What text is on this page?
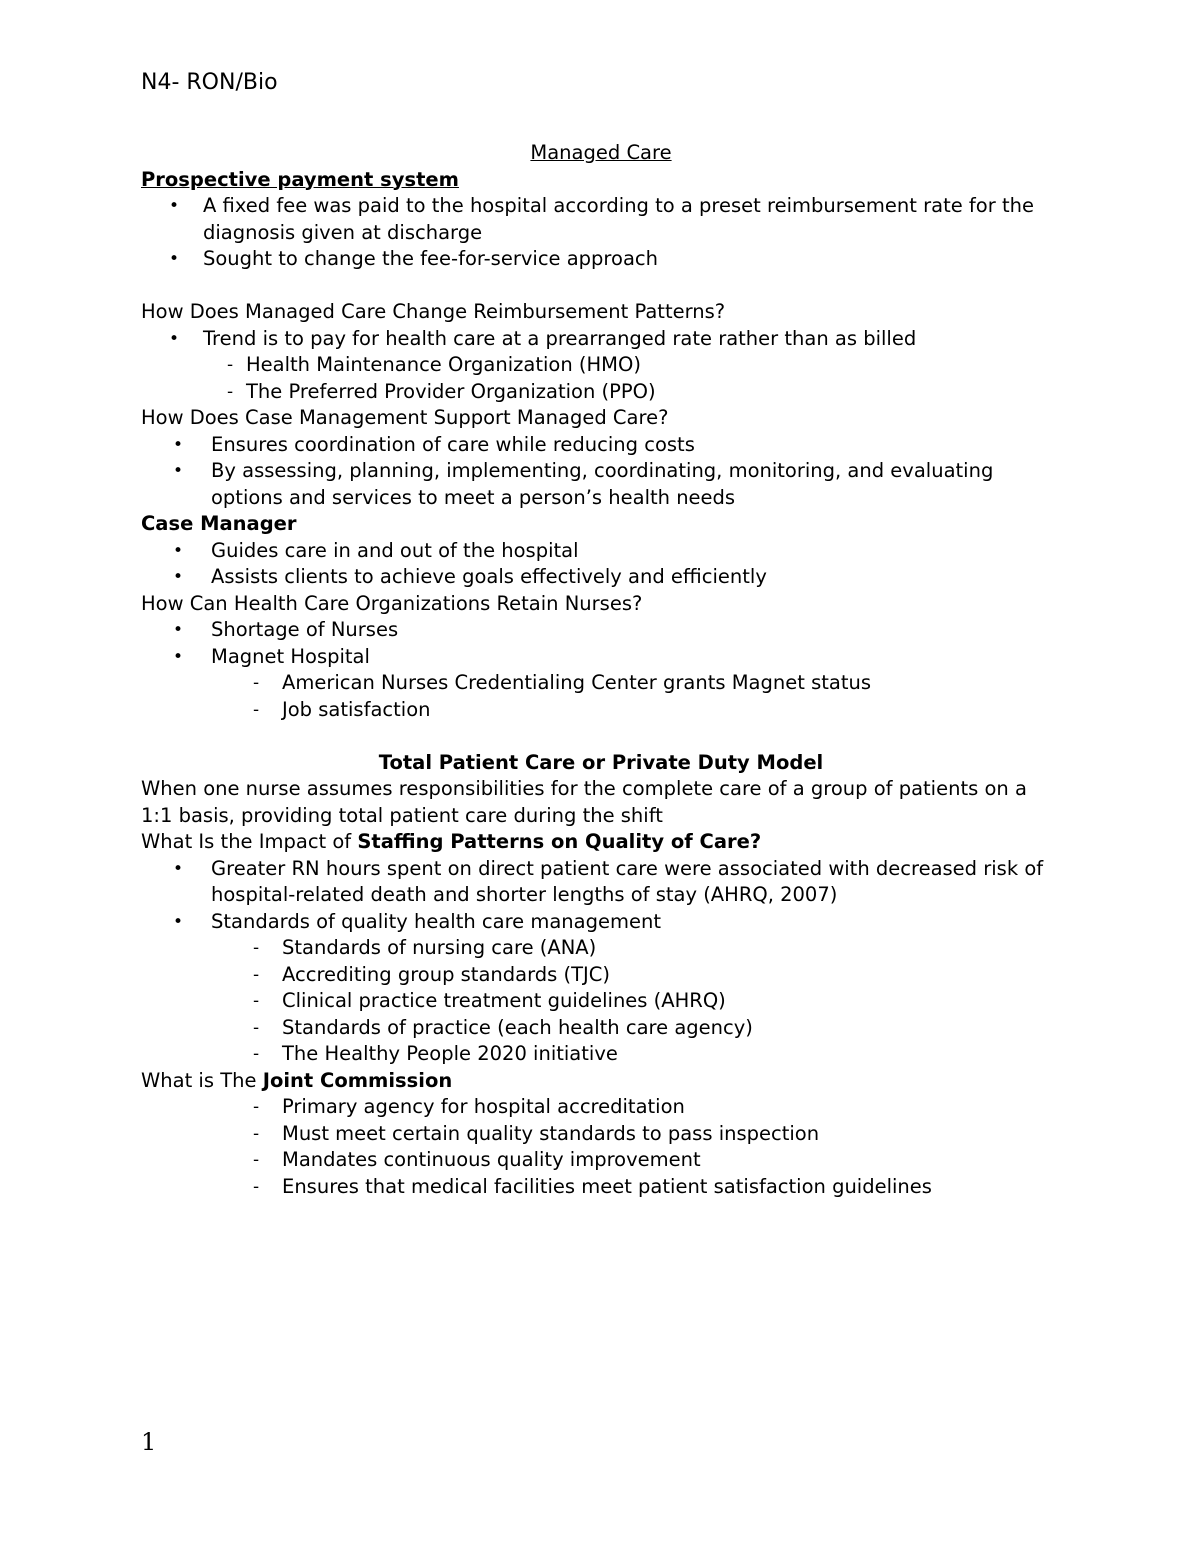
N4- RON/Bio

Managed Care

Prospective payment system

• A fixed fee was paid to the hospital according to a preset reimbursement rate for the diagnosis given at discharge
• Sought to change the fee-for-service approach

How Does Managed Care Change Reimbursement Patterns?

• Trend is to pay for health care at a prearranged rate rather than as billed
- Health Maintenance Organization (HMO)
- The Preferred Provider Organization (PPO)

How Does Case Management Support Managed Care?

• Ensures coordination of care while reducing costs
• By assessing, planning, implementing, coordinating, monitoring, and evaluating options and services to meet a person’s health needs

Case Manager

• Guides care in and out of the hospital
• Assists clients to achieve goals effectively and efficiently

How Can Health Care Organizations Retain Nurses?

• Shortage of Nurses
• Magnet Hospital
- American Nurses Credentialing Center grants Magnet status
- Job satisfaction

Total Patient Care or Private Duty Model

When one nurse assumes responsibilities for the complete care of a group of patients on a 1:1 basis, providing total patient care during the shift

What Is the Impact of Staffing Patterns on Quality of Care?

• Greater RN hours spent on direct patient care were associated with decreased risk of hospital-related death and shorter lengths of stay (AHRQ, 2007)
• Standards of quality health care management
- Standards of nursing care (ANA)
- Accrediting group standards (TJC)
- Clinical practice treatment guidelines (AHRQ)
- Standards of practice (each health care agency)
- The Healthy People 2020 initiative

What is The Joint Commission

- Primary agency for hospital accreditation
- Must meet certain quality standards to pass inspection
- Mandates continuous quality improvement
- Ensures that medical facilities meet patient satisfaction guidelines
1
